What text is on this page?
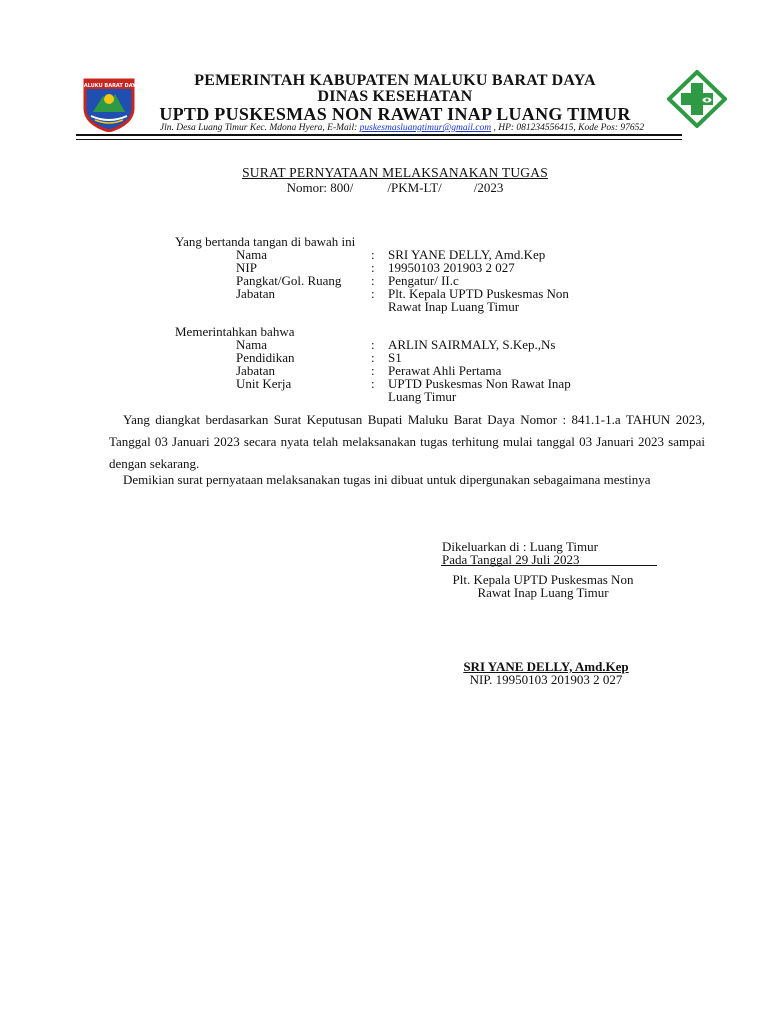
MALUKU BARAT DAYA	PEMERINTAH KABUPATEN MALUKU BARAT DAYA
DINAS KESEHATAN
UPTD PUSKESMAS NON RAWAT INAP LUANG TIMUR
Jln. Desa Luang Timur Kec. Mdona Hyera, E-Mail: puskesmasluangtimur@gmail.com , HP: 081234556415, Kode Pos: 97652
SURAT PERNYATAAN MELAKSANAKAN TUGAS
Nomor: 800/	/PKM-LT/ /2023
Yang bertanda tangan di bawah ini
Nama	: SRI YANE DELLY, Amd.Kep
NIP	: 19950103 201903 2 027
Pangkat/Gol. Ruang : Pengatur/ II.c
Jabatan	: Plt. Kepala UPTD Puskesmas Non
Rawat Inap Luang Timur
Memerintahkan bahwa
Nama	: ARLIN SAIRMALY, S.Kep.,Ns
Pendidikan	: S1
Jabatan	: Perawat Ahli Pertama
Unit Kerja	: UPTD Puskesmas Non Rawat Inap
Luang Timur
Yang diangkat berdasarkan Surat Keputusan Bupati Maluku Barat Daya Nomor : 841.1-1.a TAHUN 2023, Tanggal 03 Januari 2023 secara nyata telah melaksanakan tugas terhitung mulai tanggal 03 Januari 2023 sampai dengan sekarang.
Demikian surat pernyataan melaksanakan tugas ini dibuat untuk dipergunakan sebagaimana mestinya
Dikeluarkan di : Luang Timur
Pada Tanggal 29 Juli 2023
Plt. Kepala UPTD Puskesmas Non
Rawat Inap Luang Timur
SRI YANE DELLY, Amd.Kep
NIP. 19950103 201903 2 027
